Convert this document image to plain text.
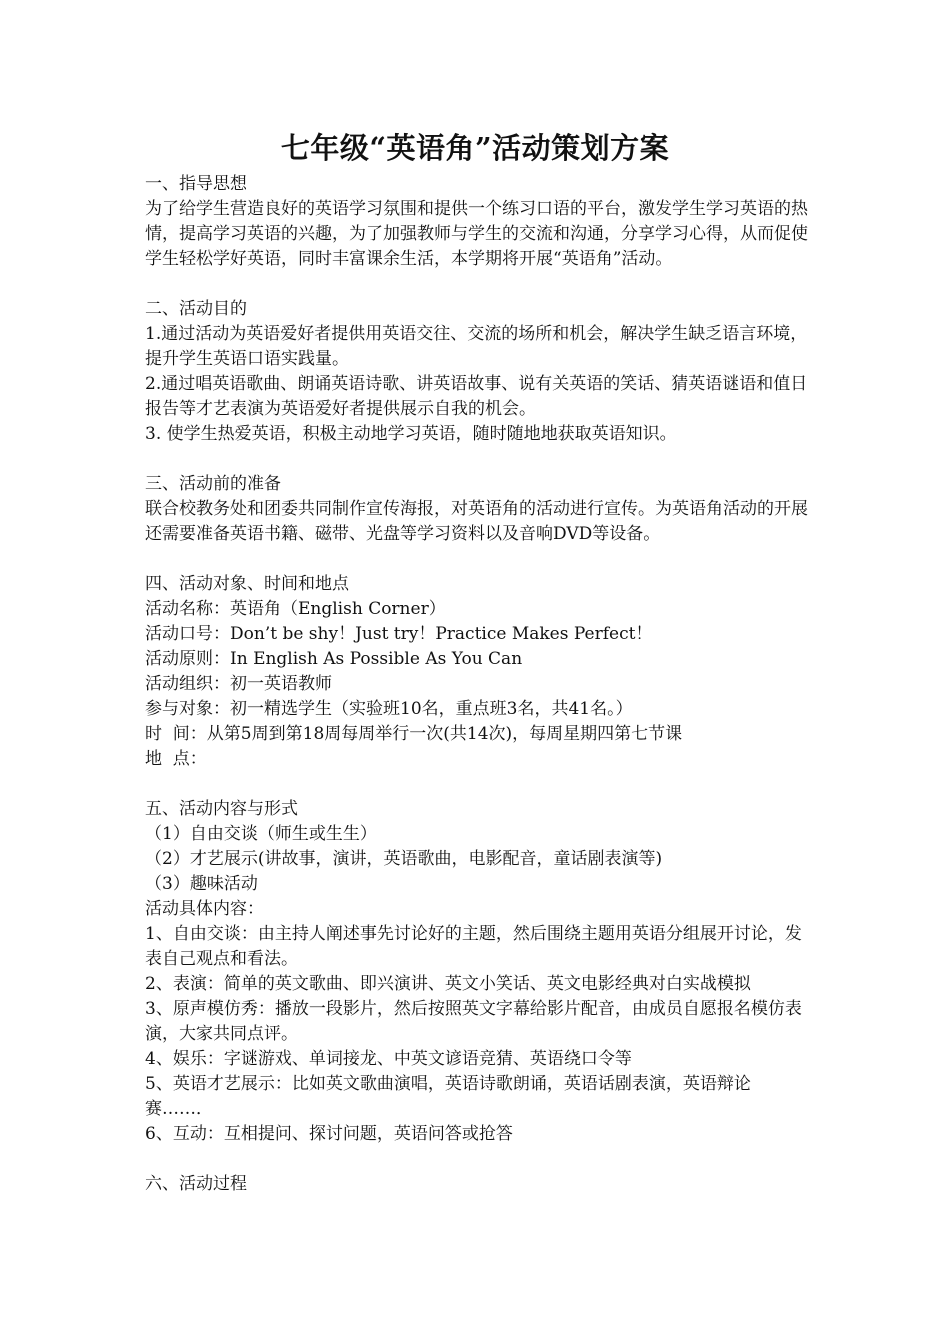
七年级“英语角”活动策划方案

一、指导思想

为了给学生营造良好的英语学习氛围和提供一个练习口语的平台，激发学生学习英语的热情，提高学习英语的兴趣，为了加强教师与学生的交流和沟通，分享学习心得，从而促使学生轻松学好英语，同时丰富课余生活，本学期将开展“英语角”活动。

二、活动目的

1.通过活动为英语爱好者提供用英语交往、交流的场所和机会，解决学生缺乏语言环境，提升学生英语口语实践量。

2.通过唱英语歌曲、朗诵英语诗歌、讲英语故事、说有关英语的笑话、猜英语谜语和值日报告等才艺表演为英语爱好者提供展示自我的机会。

3. 使学生热爱英语，积极主动地学习英语，随时随地地获取英语知识。

三、活动前的准备

联合校教务处和团委共同制作宣传海报，对英语角的活动进行宣传。为英语角活动的开展还需要准备英语书籍、磁带、光盘等学习资料以及音响DVD等设备。

四、活动对象、时间和地点

活动名称：英语角（English Corner）

活动口号：Don’t be shy！Just try！Practice Makes Perfect！

活动原则：In English As Possible As You Can

活动组织：初一英语教师

参与对象：初一精选学生（实验班10名，重点班3名，共41名。）

时  间：从第5周到第18周每周举行一次(共14次)，每周星期四第七节课

地  点：

五、活动内容与形式

（1）自由交谈（师生或生生）

（2）才艺展示(讲故事，演讲，英语歌曲，电影配音，童话剧表演等)

（3）趣味活动

活动具体内容：

1、自由交谈：由主持人阐述事先讨论好的主题，然后围绕主题用英语分组展开讨论，发表自己观点和看法。

2、表演：简单的英文歌曲、即兴演讲、英文小笑话、英文电影经典对白实战模拟

3、原声模仿秀：播放一段影片，然后按照英文字幕给影片配音，由成员自愿报名模仿表演，大家共同点评。

4、娱乐：字谜游戏、单词接龙、中英文谚语竞猜、英语绕口令等

5、英语才艺展示：比如英文歌曲演唱，英语诗歌朗诵，英语话剧表演，英语辩论赛……．

6、互动：互相提问、探讨问题，英语问答或抢答

六、活动过程
